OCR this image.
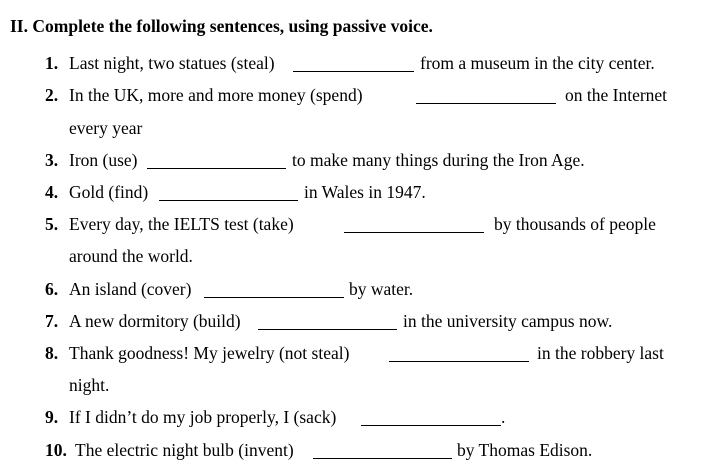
II. Complete the following sentences, using passive voice.
1. Last night, two statues (steal)	from a museum in the city center.
2. In the UK, more and more money (spend)	on the Internet
every year
3. Iron (use)	to make many things during the Iron Age.
4. Gold (find)	in Wales in 1947.
5. Every day, the IELTS test (take)	by thousands of people
around the world.
6. An island (cover)	by water.
7. A new dormitory (build)	in the university campus now.
8. Thank goodness! My jewelry (not steal)	in the robbery last
night.
9. If I didn’t do my job properly, I (sack)	.
10. The electric night bulb (invent)	by Thomas Edison.
